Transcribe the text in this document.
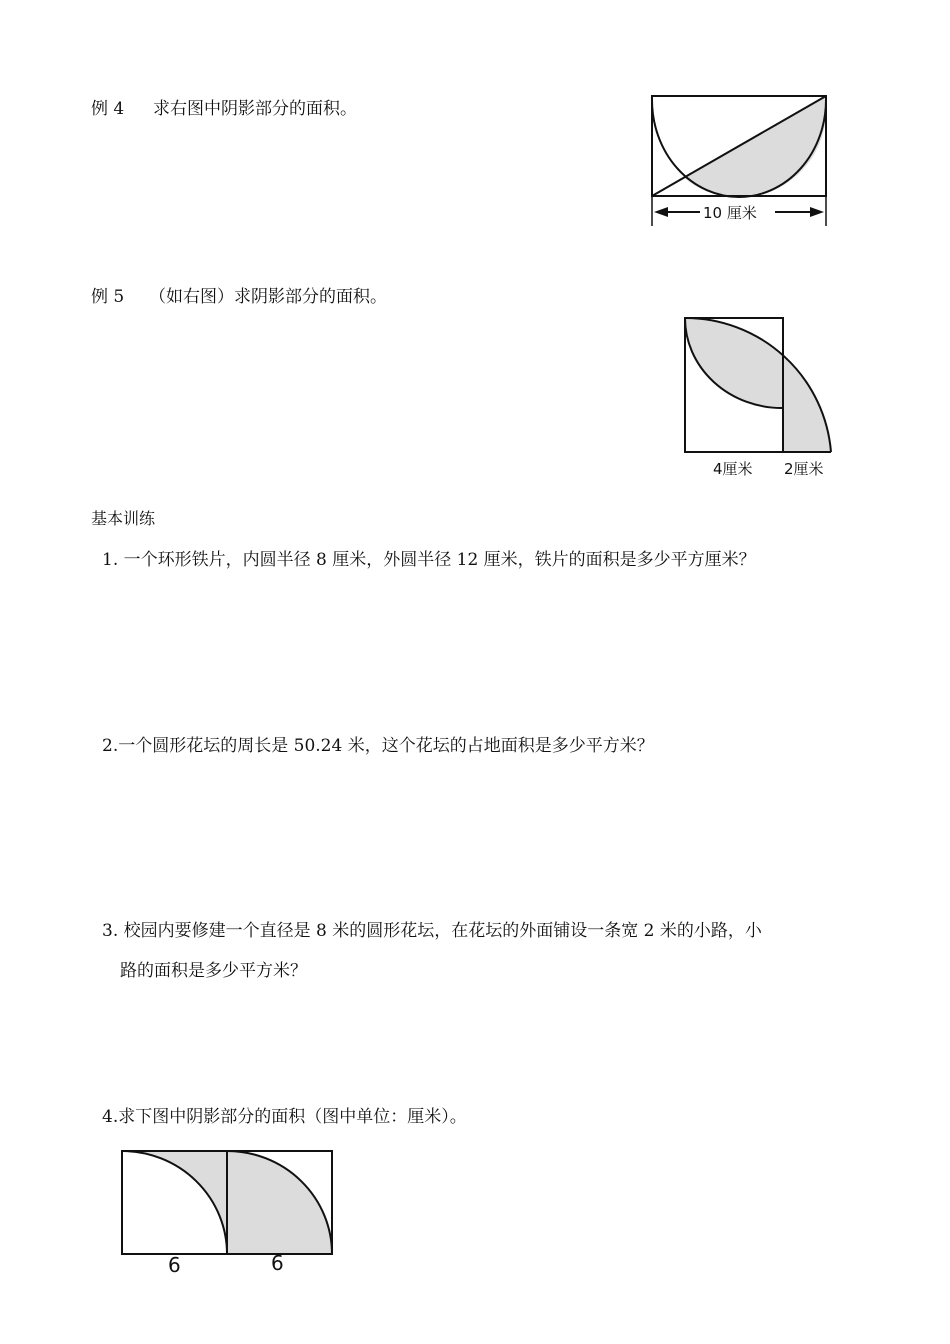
例 4 求右图中阴影部分的面积。
10 厘米
例 5 （如右图）求阴影部分的面积。
4厘米 2厘米
基本训练
1. 一个环形铁片，内圆半径 8 厘米，外圆半径 12 厘米，铁片的面积是多少平方厘米？
2.一个圆形花坛的周长是 50.24 米，这个花坛的占地面积是多少平方米？
3. 校园内要修建一个直径是 8 米的圆形花坛，在花坛的外面铺设一条宽 2 米的小路，小
路的面积是多少平方米？
4.求下图中阴影部分的面积（图中单位：厘米）。
6	6
